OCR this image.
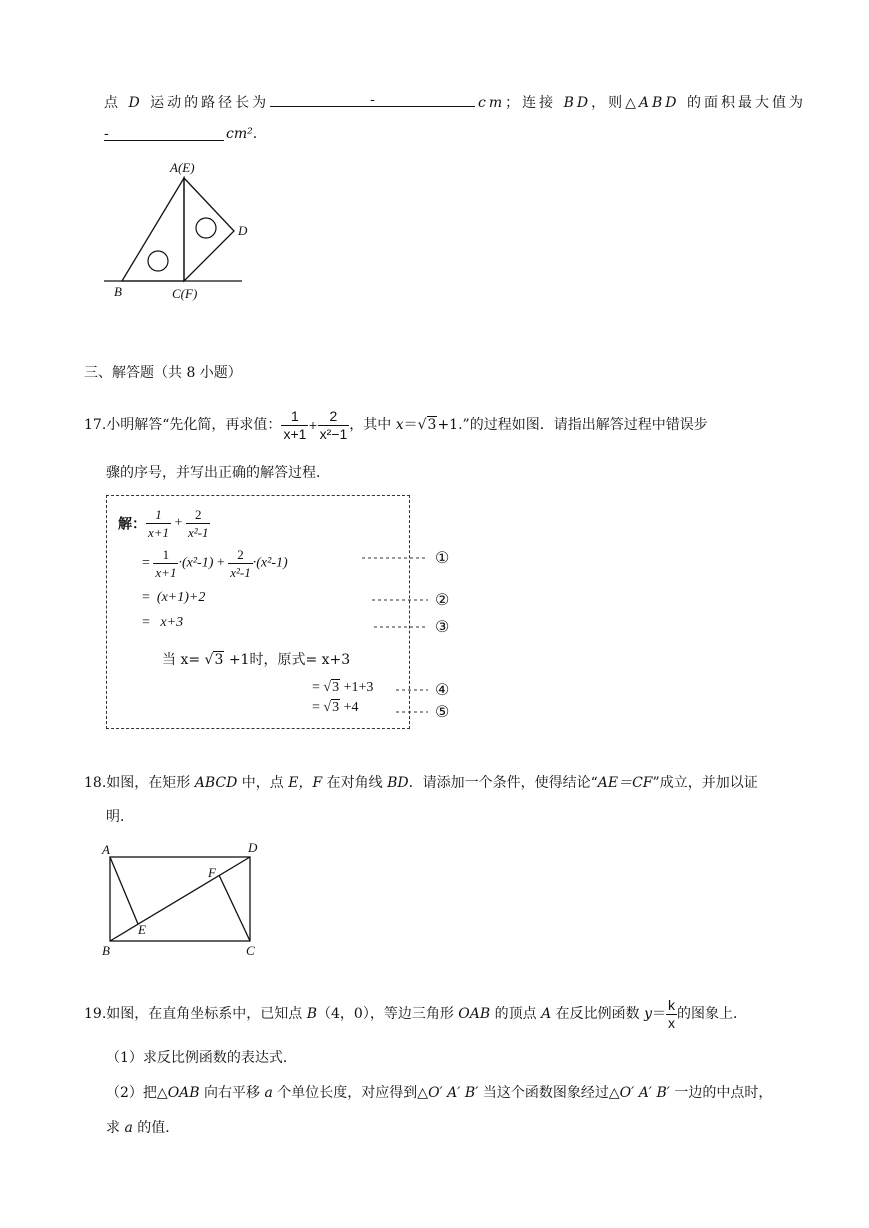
点 D 运动的路径长为	-	cm；连接 BD，则△ABD 的面积最大值为
-	cm².
A(E)
D
B	C(F)
三、解答题（共 8 小题）
17.小明解答“先化简，再求值： $\frac{1}{x+1} + \frac{2}{\text{x²−1}}$ ，其中 x＝√3+1.”的过程如图．请指出解答过程中错误步
骤的序号，并写出正确的解答过程．
解： $\frac{1}{x+1} + \frac{2}{\text{x²-1}}$
= $\frac{1}{x+1} \cdot(x^2-1) + \frac{2}{\text{x²-1}} \cdot(x^2-1)$
= (x+1)+2
= x+3
当 x= √3 +1时，原式= x+3
= √3 +1+3
= √3 +4
①
②
③
④
⑤
18.如图，在矩形 ABCD 中，点 E，F 在对角线 BD．请添加一个条件，使得结论“AE＝CF”成立，并加以证
明．
A	D
F
E
B	C
19.如图，在直角坐标系中，已知点 B（4，0），等边三角形 OAB 的顶点 A 在反比例函数 $y= \frac{k}{x}$ 的图象上．
（1）求反比例函数的表达式．
（2）把△OAB 向右平移 a 个单位长度，对应得到△O′ A′ B′ 当这个函数图象经过△O′ A′ B′ 一边的中点时，
求 a 的值．
